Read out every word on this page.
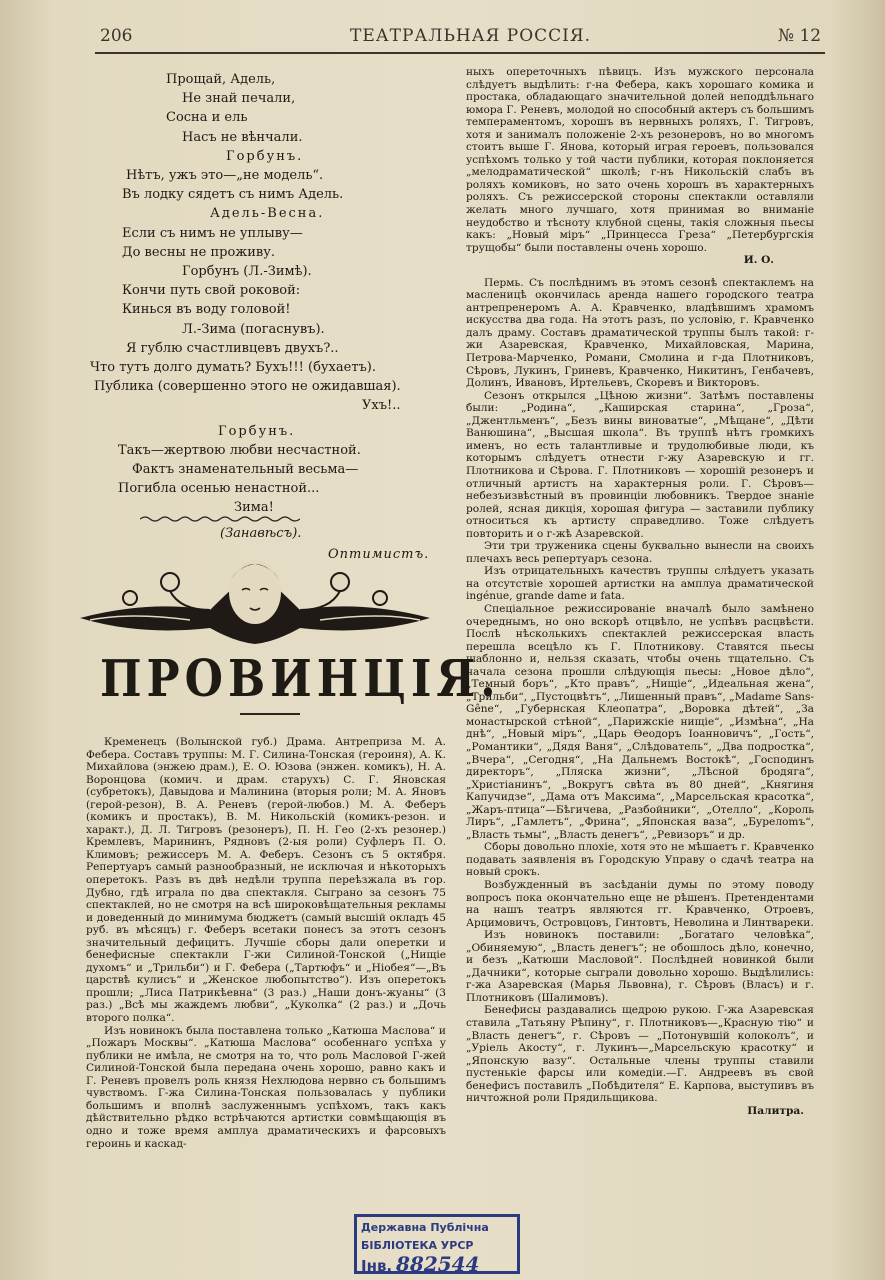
206	ТЕАТРАЛЬНАЯ РОССІЯ.	№ 12
Прощай, Адель,
Не знай печали,
Сосна и ель
Насъ не вѣнчали.
Горбунъ.
Нѣтъ, ужъ это—„не модель“.
Въ лодку сядетъ съ нимъ Адель.
Адель-Весна.
Если съ нимъ не уплыву—
До весны не проживу.
Горбунъ (Л.-Зимѣ).
Кончи путь свой роковой:
Кинься въ воду головой!
Л.-Зима (погаснувъ).
Я гублю счастливцевъ двухъ?..
Что тутъ долго думать? Бухъ!!! (бухаетъ).
Публика (совершенно этого не ожидавшая).
Ухъ!..
Горбунъ.
Такъ—жертвою любви несчастной.
Фактъ знаменательный весьма—
Погибла осенью ненастной...
Зима!
(Занавѣсъ).
Оптимистъ.
ПРОВИНЦІЯ.

Кременецъ (Волынской губ.) Драма. Антреприза М. А. Фебера. Составъ труппы: М. Г. Силина-Тонская (героиня), А. К. Михайлова (энжею драм.), Е. О. Юзова (энжен. комикъ), Н. А. Воронцова (комич. и драм. старухъ) С. Г. Яновская (субретокъ), Давыдова и Малинина (вторыя роли; М. А. Яновъ (герой-резон), В. А. Реневъ (герой-любов.) М. А. Феберъ (комикъ и простакъ), В. М. Никольскій (комикъ-резон. и характ.), Д. Л. Тигровъ (резонеръ), П. Н. Гео (2-хъ резонер.) Кремлевъ, Марининъ, Рядновъ (2-ыя роли) Суфлеръ П. О. Климовъ; режиссеръ М. А. Феберъ. Сезонъ съ 5 октября. Репертуаръ самый разнообразный, не исключая и нѣкоторыхъ оперетокъ. Разъ въ двѣ недѣли труппа переѣзжала въ гор. Дубно, гдѣ играла по два спектакля. Сыграно за сезонъ 75 спектаклей, но не смотря на всѣ широковѣщательныя рекламы и доведенный до минимума бюджетъ (самый высшій окладъ 45 руб. въ мѣсяцъ) г. Феберъ всетаки понесъ за этотъ сезонъ значительный дефицитъ. Лучшіе сборы дали оперетки и бенефисные спектакли Г-жи Силиной-Тонской („Нищіе духомъ“ и „Трильби“) и Г. Фебера („Тартюфъ“ и „Ніобея“—„Въ царствѣ кулисъ“ и „Женское любопытство“). Изъ оперетокъ прошли; „Лиса Патрикѣевна“ (3 раз.) „Наши донъ-жуаны“ (3 раз.) „Всѣ мы жаждемъ любви“, „Куколка“ (2 раз.) и „Дочь второго полка“.

Изъ новинокъ была поставлена только „Катюша Маслова“ и „Пожаръ Москвы“. „Катюша Маслова“ особеннаго успѣха у публики не имѣла, не смотря на то, что роль Масловой Г-жей Силиной-Тонской была передана очень хорошо, равно какъ и Г. Реневъ провелъ роль князя Нехлюдова нервно съ большимъ чувствомъ. Г-жа Силина-Тонская пользовалась у публики большимъ и вполнѣ заслуженнымъ успѣхомъ, такъ какъ дѣйствительно рѣдко встрѣчаются артистки совмѣщающія въ одно и тоже время амплуа драматическихъ и фарсовыхъ героинь и каскад-

ныхъ опереточныхъ пѣвицъ. Изъ мужского персонала слѣдуетъ выдѣлить: г-на Фебера, какъ хорошаго комика и простака, обладающаго значительной долей неподдѣльнаго юмора Г. Реневъ, молодой но способный актеръ съ большимъ темпераментомъ, хорошъ въ нервныхъ роляхъ, Г. Тигровъ, хотя и занималъ положеніе 2-хъ резонеровъ, но во многомъ стоитъ выше Г. Янова, который играя героевъ, пользовался успѣхомъ только у той части публики, которая поклоняется „мелодраматической“ школѣ; г-нъ Никольскій слабъ въ роляхъ комиковъ, но зато очень хорошъ въ характерныхъ роляхъ. Съ режиссерской стороны спектакли оставляли желать много лучшаго, хотя принимая во вниманіе неудобство и тѣсноту клубной сцены, такія сложныя пьесы какъ: „Новый міръ“ „Принцесса Греза“ „Петербургскія трущобы“ были поставлены очень хорошо.

И. О.

Пермь. Съ послѣднимъ въ этомъ сезонѣ спектаклемъ на масленицѣ окончилась аренда нашего городского театра антрепренеромъ А. А. Кравченко, владѣвшимъ храмомъ искусства два года. На этотъ разъ, по условію, г. Кравченко далъ драму. Составъ драматической труппы былъ такой: г-жи Азаревская, Кравченко, Михайловская, Марина, Петрова-Марченко, Романи, Смолина и г-да Плотниковъ, Сѣровъ, Лукинъ, Гриневъ, Кравченко, Никитинъ, Генбачевъ, Долинъ, Ивановъ, Иртельевъ, Скоревъ и Викторовъ.

Сезонъ открылся „Цѣною жизни“. Затѣмъ поставлены были: „Родина“, „Каширская старина“, „Гроза“, „Джентльменъ“, „Безъ вины виноватые“, „Мѣщане“, „Дѣти Ванюшина“, „Высшая школа“. Въ труппѣ нѣтъ громкихъ именъ, но есть талантливые и трудолюбивые люди, къ которымъ слѣдуетъ отнести г-жу Азаревскую и гг. Плотникова и Сѣрова. Г. Плотниковъ — хорошій резонеръ и отличный артистъ на характерныя роли. Г. Сѣровъ—небезъизвѣстный въ провинціи любовникъ. Твердое знаніе ролей, ясная дикція, хорошая фигура — заставили публику относиться къ артисту справедливо. Тоже слѣдуетъ повторить и о г-жѣ Азаревской.

Эти три труженика сцены буквально вынесли на своихъ плечахъ весь репертуаръ сезона.

Изъ отрицательныхъ качествъ труппы слѣдуетъ указать на отсутствіе хорошей артистки на амплуа драматической ingénue, grande dame и fata.

Спеціальное режиссированіе вначалѣ было замѣнено очереднымъ, но оно вскорѣ отцвѣло, не успѣвъ расцвѣсти. Послѣ нѣсколькихъ спектаклей режиссерская власть перешла всецѣло къ Г. Плотникову. Ставятся пьесы шаблонно и, нельзя сказать, чтобы очень тщательно. Съ начала сезона прошли слѣдующія пьесы: „Новое дѣло“, „Темный боръ“, „Кто правъ“, „Нищіе“, „Идеальная жена“, „Трильби“, „Пустоцвѣтъ“, „Лишенный правъ“, „Madame Sans-Gêne“, „Губернская Клеопатра“, „Воровка дѣтей“, „За монастырской стѣной“, „Парижскіе нищіе“, „Измѣна“, „На днѣ“, „Новый міръ“, „Царь Ѳеодоръ Іоанновичъ“, „Гость“, „Романтики“, „Дядя Ваня“, „Слѣдователь“, „Два подростка“, „Вчера“, „Сегодня“, „На Дальнемъ Востокѣ“, „Господинъ директоръ“, „Пляска жизни“, „Лѣсной бродяга“, „Христіанинъ“, „Вокругъ свѣта въ 80 дней“, „Княгиня Капучидзе“, „Дама отъ Максима“, „Марсельская красотка“, „Жаръ-птица“—Бѣгичева, „Разбойники“, „Отелло“, „Король Лиръ“, „Гамлетъ“, „Фрина“, „Японская ваза“, „Бурелomъ“, „Власть тьмы“, „Власть денегъ“, „Ревизоръ“ и др.

Сборы довольно плохіе, хотя это не мѣшаетъ г. Кравченко подавать заявленія въ Городскую Управу о сдачѣ театра на новый срокъ.

Возбужденный въ засѣданіи думы по этому поводу вопросъ пока окончательно еще не рѣшенъ. Претендентами на нашъ театръ являются гг. Кравченко, Отроевъ, Арцимовичъ, Островцовъ, Гинтовтъ, Неволина и Линтвареки.

Изъ новинокъ поставили: „Богатаго человѣка“, „Обиняемую“, „Власть денегъ“; не обошлось дѣло, конечно, и безъ „Катюши Масловой“. Послѣдней новинкой были „Дачники“, которые сыграли довольно хорошо. Выдѣлились: г-жа Азаревская (Марья Львовна), г. Сѣровъ (Власъ) и г. Плотниковъ (Шалимовъ).

Бенефисы раздавались щедрою рукою. Г-жа Азаревская ставила „Татьяну Рѣпину“, г. Плотниковъ—„Красную тію“ и „Власть денегъ“, г. Сѣровъ — „Потонувшій колоколъ“, и „Уріель Акосту“, г. Лукинъ—„Марсельскую красотку“ и „Японскую вазу“. Остальные члены труппы ставили пустенькіе фарсы или комедіи.—Г. Андреевъ въ свой бенефисъ поставилъ „Побѣдителя“ Е. Карпова, выступивъ въ ничтожной роли Прядильщикова.

Палитра.
Державна Публічна
БІБЛІОТЕКА УРСР
Інв. 882544
